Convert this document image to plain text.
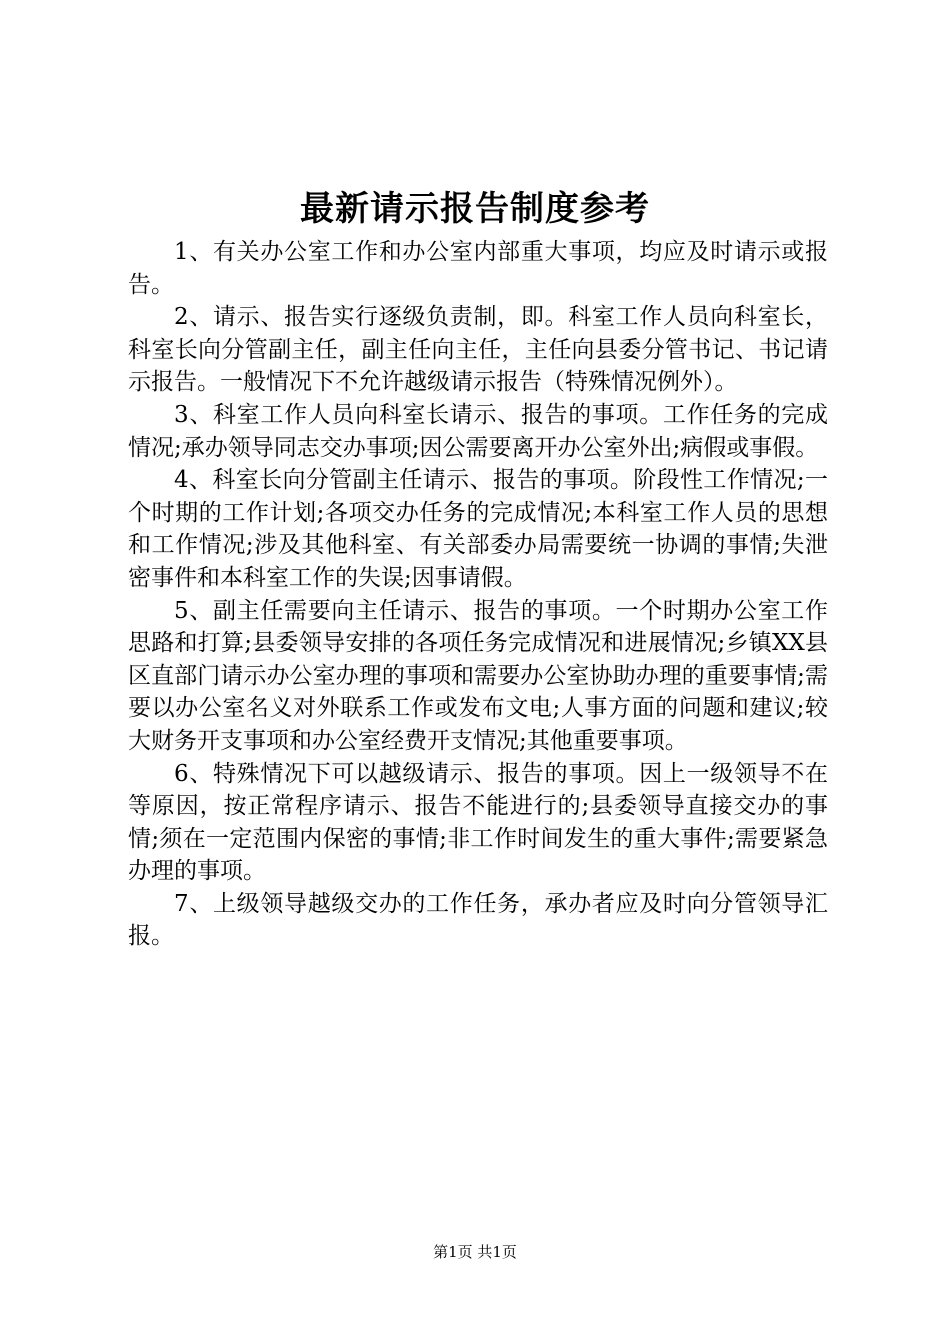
最新请示报告制度参考

1、有关办公室工作和办公室内部重大事项，均应及时请示或报告。

2、请示、报告实行逐级负责制，即。科室工作人员向科室长，科室长向分管副主任，副主任向主任，主任向县委分管书记、书记请示报告。一般情况下不允许越级请示报告（特殊情况例外）。

3、科室工作人员向科室长请示、报告的事项。工作任务的完成情况;承办领导同志交办事项;因公需要离开办公室外出;病假或事假。

4、科室长向分管副主任请示、报告的事项。阶段性工作情况;一个时期的工作计划;各项交办任务的完成情况;本科室工作人员的思想和工作情况;涉及其他科室、有关部委办局需要统一协调的事情;失泄密事件和本科室工作的失误;因事请假。

5、副主任需要向主任请示、报告的事项。一个时期办公室工作思路和打算;县委领导安排的各项任务完成情况和进展情况;乡镇XX县区直部门请示办公室办理的事项和需要办公室协助办理的重要事情;需要以办公室名义对外联系工作或发布文电;人事方面的问题和建议;较大财务开支事项和办公室经费开支情况;其他重要事项。

6、特殊情况下可以越级请示、报告的事项。因上一级领导不在等原因，按正常程序请示、报告不能进行的;县委领导直接交办的事情;须在一定范围内保密的事情;非工作时间发生的重大事件;需要紧急办理的事项。

7、上级领导越级交办的工作任务，承办者应及时向分管领导汇报。

第1页 共1页
